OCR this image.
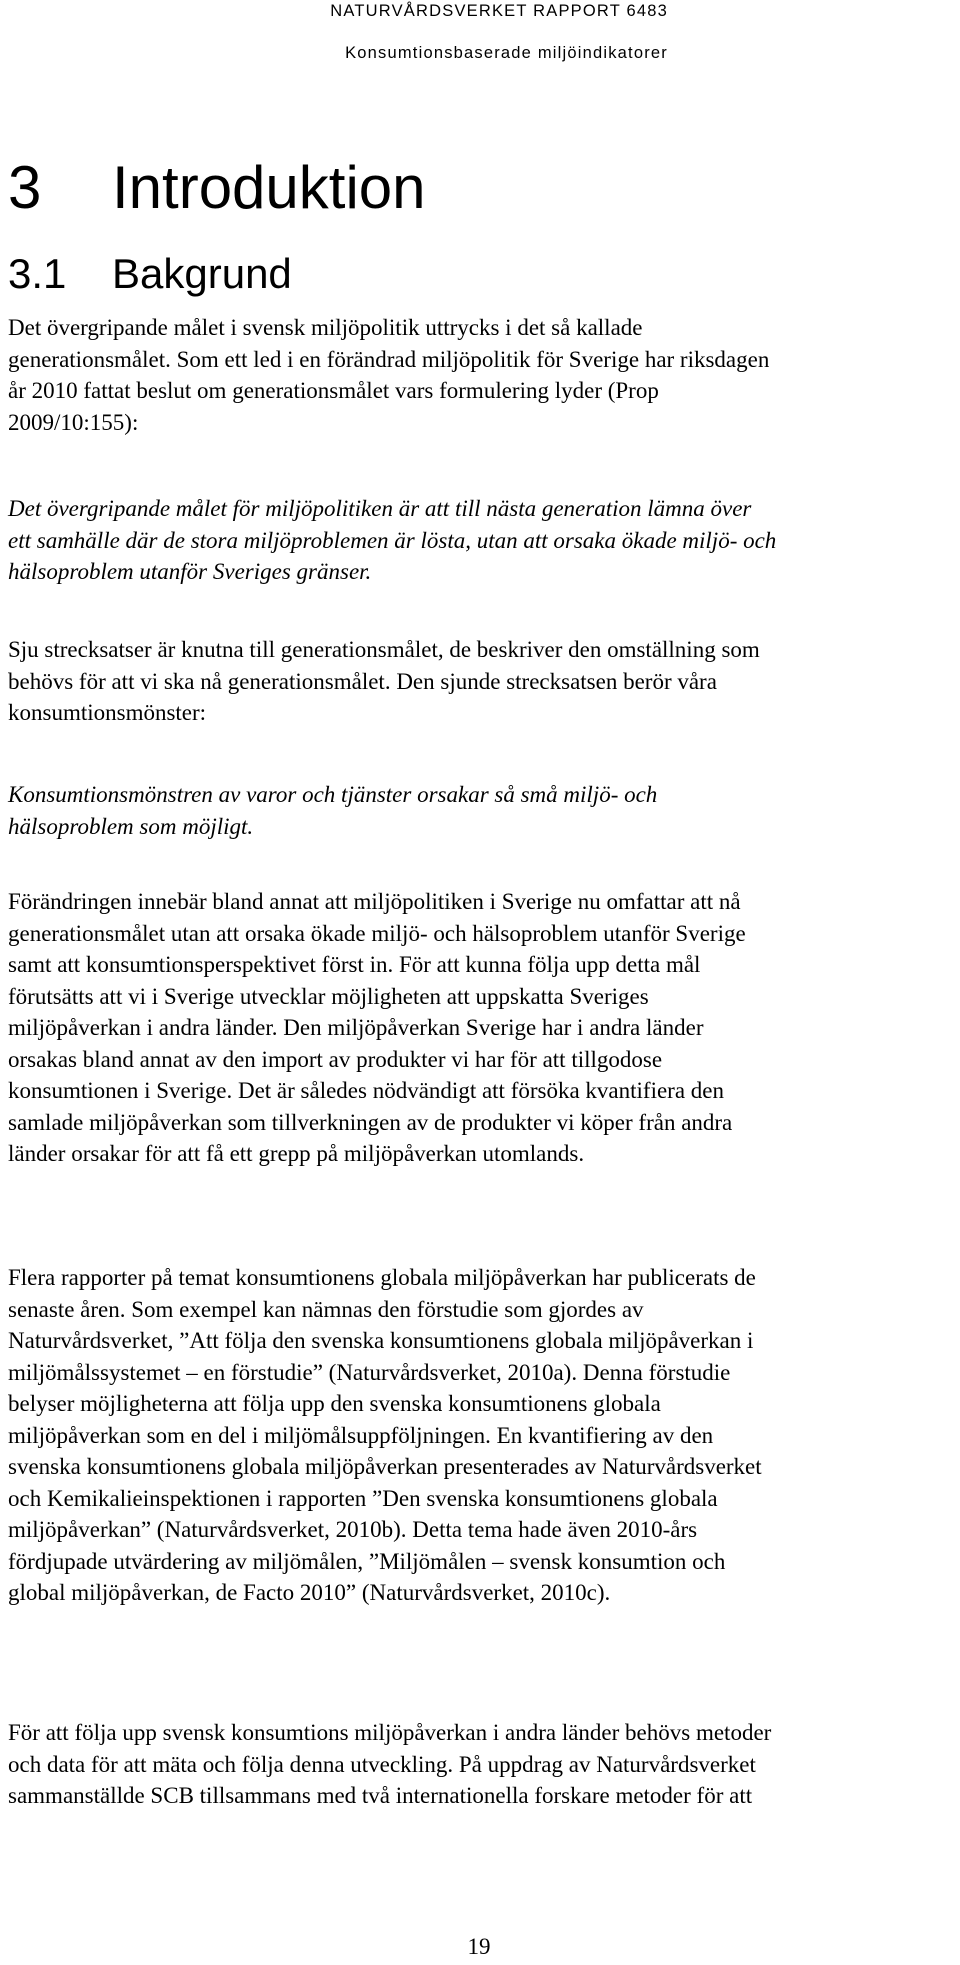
NATURVÅRDSVERKET RAPPORT 6483
Konsumtionsbaserade miljöindikatorer
3 Introduktion
3.1 Bakgrund

Det övergripande målet i svensk miljöpolitik uttrycks i det så kallade
generationsmålet. Som ett led i en förändrad miljöpolitik för Sverige har riksdagen
år 2010 fattat beslut om generationsmålet vars formulering lyder (Prop
2009/10:155):

Det övergripande målet för miljöpolitiken är att till nästa generation lämna över
ett samhälle där de stora miljöproblemen är lösta, utan att orsaka ökade miljö- och
hälsoproblem utanför Sveriges gränser.

Sju strecksatser är knutna till generationsmålet, de beskriver den omställning som
behövs för att vi ska nå generationsmålet. Den sjunde strecksatsen berör våra
konsumtionsmönster:

Konsumtionsmönstren av varor och tjänster orsakar så små miljö- och
hälsoproblem som möjligt.

Förändringen innebär bland annat att miljöpolitiken i Sverige nu omfattar att nå
generationsmålet utan att orsaka ökade miljö- och hälsoproblem utanför Sverige
samt att konsumtionsperspektivet först in. För att kunna följa upp detta mål
förutsätts att vi i Sverige utvecklar möjligheten att uppskatta Sveriges
miljöpåverkan i andra länder. Den miljöpåverkan Sverige har i andra länder
orsakas bland annat av den import av produkter vi har för att tillgodose
konsumtionen i Sverige. Det är således nödvändigt att försöka kvantifiera den
samlade miljöpåverkan som tillverkningen av de produkter vi köper från andra
länder orsakar för att få ett grepp på miljöpåverkan utomlands.

Flera rapporter på temat konsumtionens globala miljöpåverkan har publicerats de
senaste åren. Som exempel kan nämnas den förstudie som gjordes av
Naturvårdsverket, ”Att följa den svenska konsumtionens globala miljöpåverkan i
miljömålssystemet – en förstudie” (Naturvårdsverket, 2010a). Denna förstudie
belyser möjligheterna att följa upp den svenska konsumtionens globala
miljöpåverkan som en del i miljömålsuppföljningen. En kvantifiering av den
svenska konsumtionens globala miljöpåverkan presenterades av Naturvårdsverket
och Kemikalieinspektionen i rapporten ”Den svenska konsumtionens globala
miljöpåverkan” (Naturvårdsverket, 2010b). Detta tema hade även 2010-års
fördjupade utvärdering av miljömålen, ”Miljömålen – svensk konsumtion och
global miljöpåverkan, de Facto 2010” (Naturvårdsverket, 2010c).

För att följa upp svensk konsumtions miljöpåverkan i andra länder behövs metoder
och data för att mäta och följa denna utveckling. På uppdrag av Naturvårdsverket
sammanställde SCB tillsammans med två internationella forskare metoder för att

19
